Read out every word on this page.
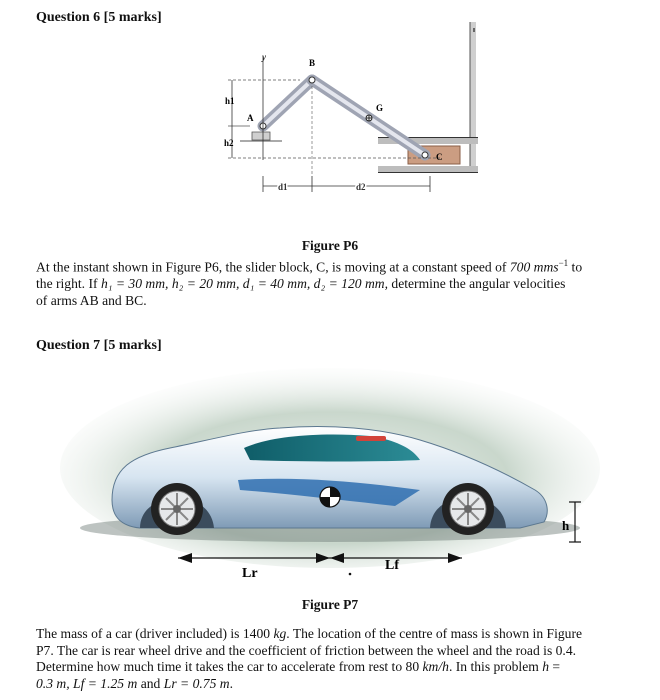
Question 6 [5 marks]
y
h1
h2
d1	d2
B
A
G
C
Figure P6
At the instant shown in Figure P6, the slider block, C, is moving at a constant speed of 700 mms$^{-1}$ to
the right. If h₁ = 30 mm, h₂ = 20 mm, d₁ = 40 mm, d₂ = 120 mm, determine the angular velocities
of arms AB and BC.
Question 7 [5 marks]
h
Lr
Lf
Figure P7
The mass of a car (driver included) is 1400 kg. The location of the centre of mass is shown in Figure
P7. The car is rear wheel drive and the coefficient of friction between the wheel and the road is 0.4.
Determine how much time it takes the car to accelerate from rest to 80 km/h. In this problem h =
0.3 m, Lf = 1.25 m and Lr = 0.75 m.
